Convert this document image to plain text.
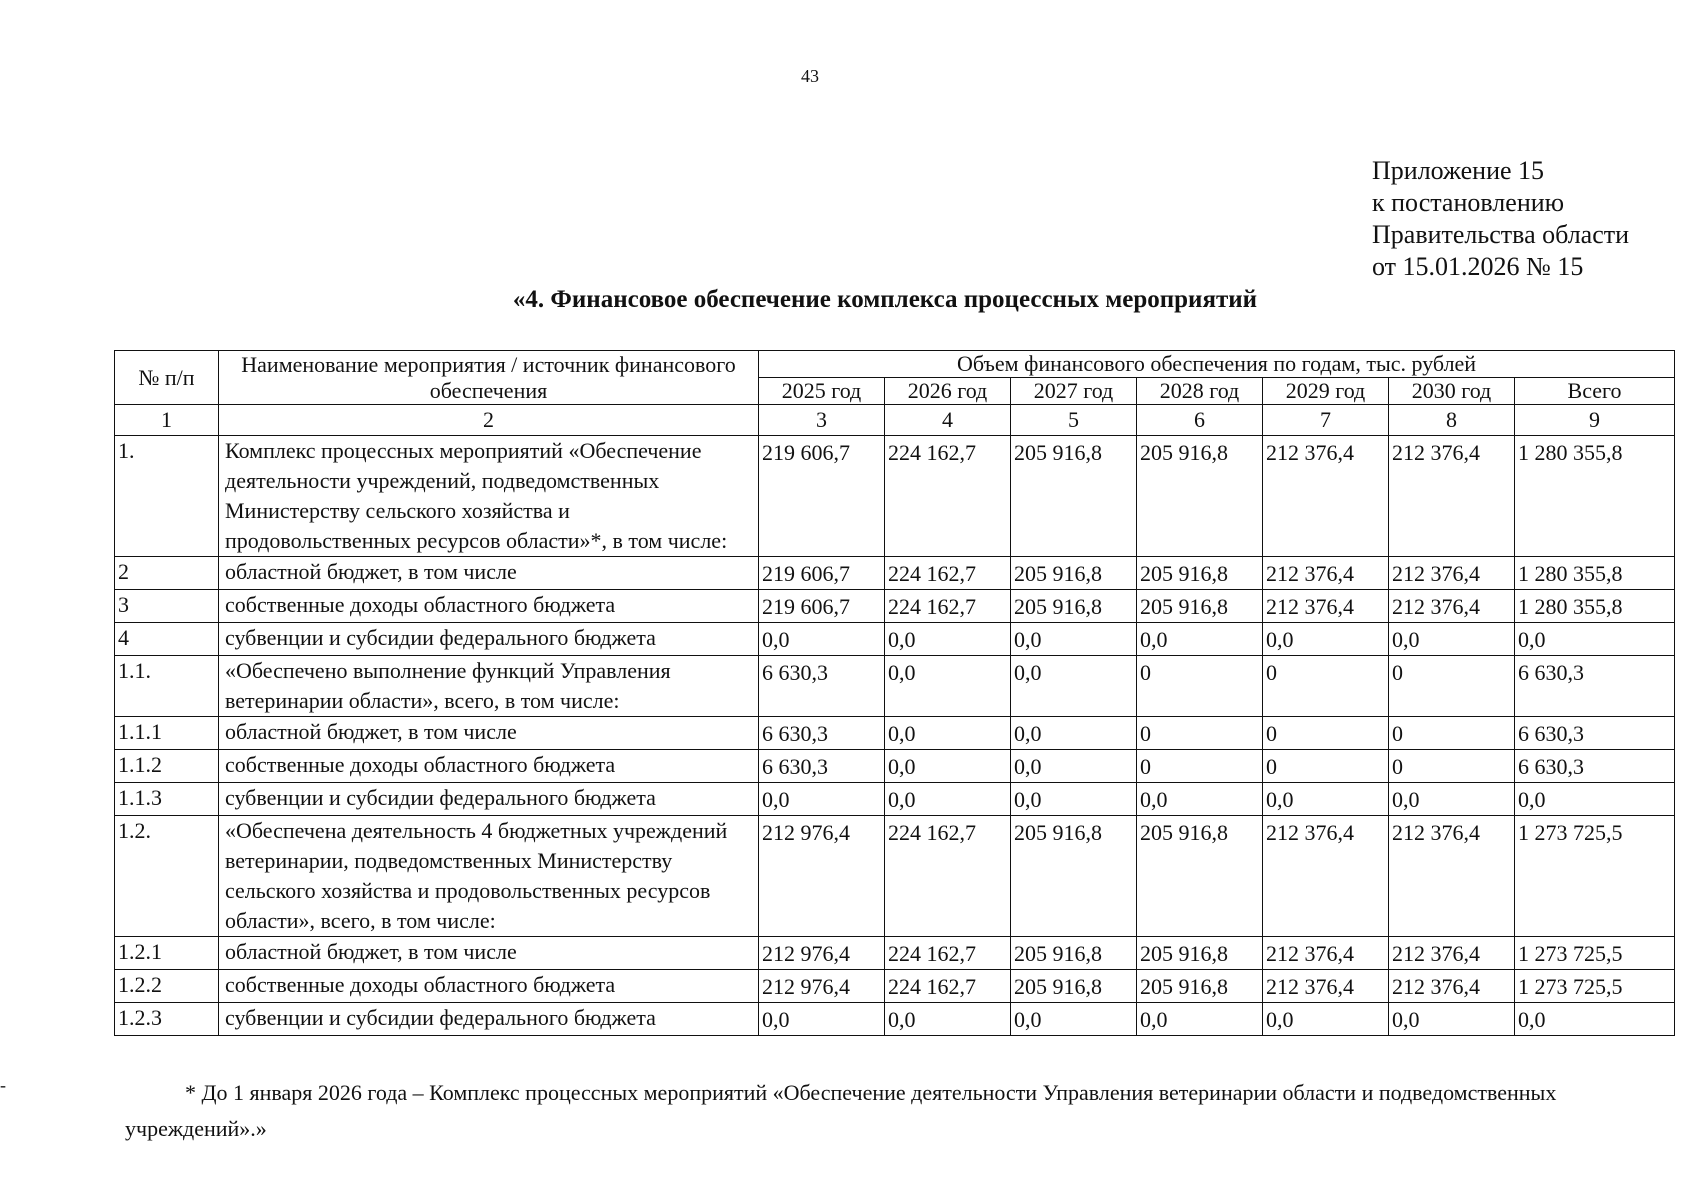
43
Приложение 15
к постановлению
Правительства области
от 15.01.2026 № 15
«4. Финансовое обеспечение комплекса процессных мероприятий
№ п/п	Наименование мероприятия / источник финансового обеспечения	Объем финансового обеспечения по годам, тыс. рублей						
		2025 год	2026 год	2027 год	2028 год	2029 год	2030 год	Всего
1	2	3	4	5	6	7	8	9
1.	Комплекс процессных мероприятий «Обеспечение деятельности учреждений, подведомственных Министерству сельского хозяйства и продовольственных ресурсов области»*, в том числе:	219 606,7	224 162,7	205 916,8	205 916,8	212 376,4	212 376,4	1 280 355,8
2	областной бюджет, в том числе	219 606,7	224 162,7	205 916,8	205 916,8	212 376,4	212 376,4	1 280 355,8
3	собственные доходы областного бюджета	219 606,7	224 162,7	205 916,8	205 916,8	212 376,4	212 376,4	1 280 355,8
4	субвенции и субсидии федерального бюджета	0,0	0,0	0,0	0,0	0,0	0,0	0,0
1.1.	«Обеспечено выполнение функций Управления ветеринарии области», всего, в том числе:	6 630,3	0,0	0,0	0	0	0	6 630,3
1.1.1	областной бюджет, в том числе	6 630,3	0,0	0,0	0	0	0	6 630,3
1.1.2	собственные доходы областного бюджета	6 630,3	0,0	0,0	0	0	0	6 630,3
1.1.3	субвенции и субсидии федерального бюджета	0,0	0,0	0,0	0,0	0,0	0,0	0,0
1.2.	«Обеспечена деятельность 4 бюджетных учреждений ветеринарии, подведомственных Министерству сельского хозяйства и продовольственных ресурсов области», всего, в том числе:	212 976,4	224 162,7	205 916,8	205 916,8	212 376,4	212 376,4	1 273 725,5
1.2.1	областной бюджет, в том числе	212 976,4	224 162,7	205 916,8	205 916,8	212 376,4	212 376,4	1 273 725,5
1.2.2	собственные доходы областного бюджета	212 976,4	224 162,7	205 916,8	205 916,8	212 376,4	212 376,4	1 273 725,5
1.2.3	субвенции и субсидии федерального бюджета	0,0	0,0	0,0	0,0	0,0	0,0	0,0
* До 1 января 2026 года – Комплекс процессных мероприятий «Обеспечение деятельности Управления ветеринарии области и подведомственных учреждений».»
-
